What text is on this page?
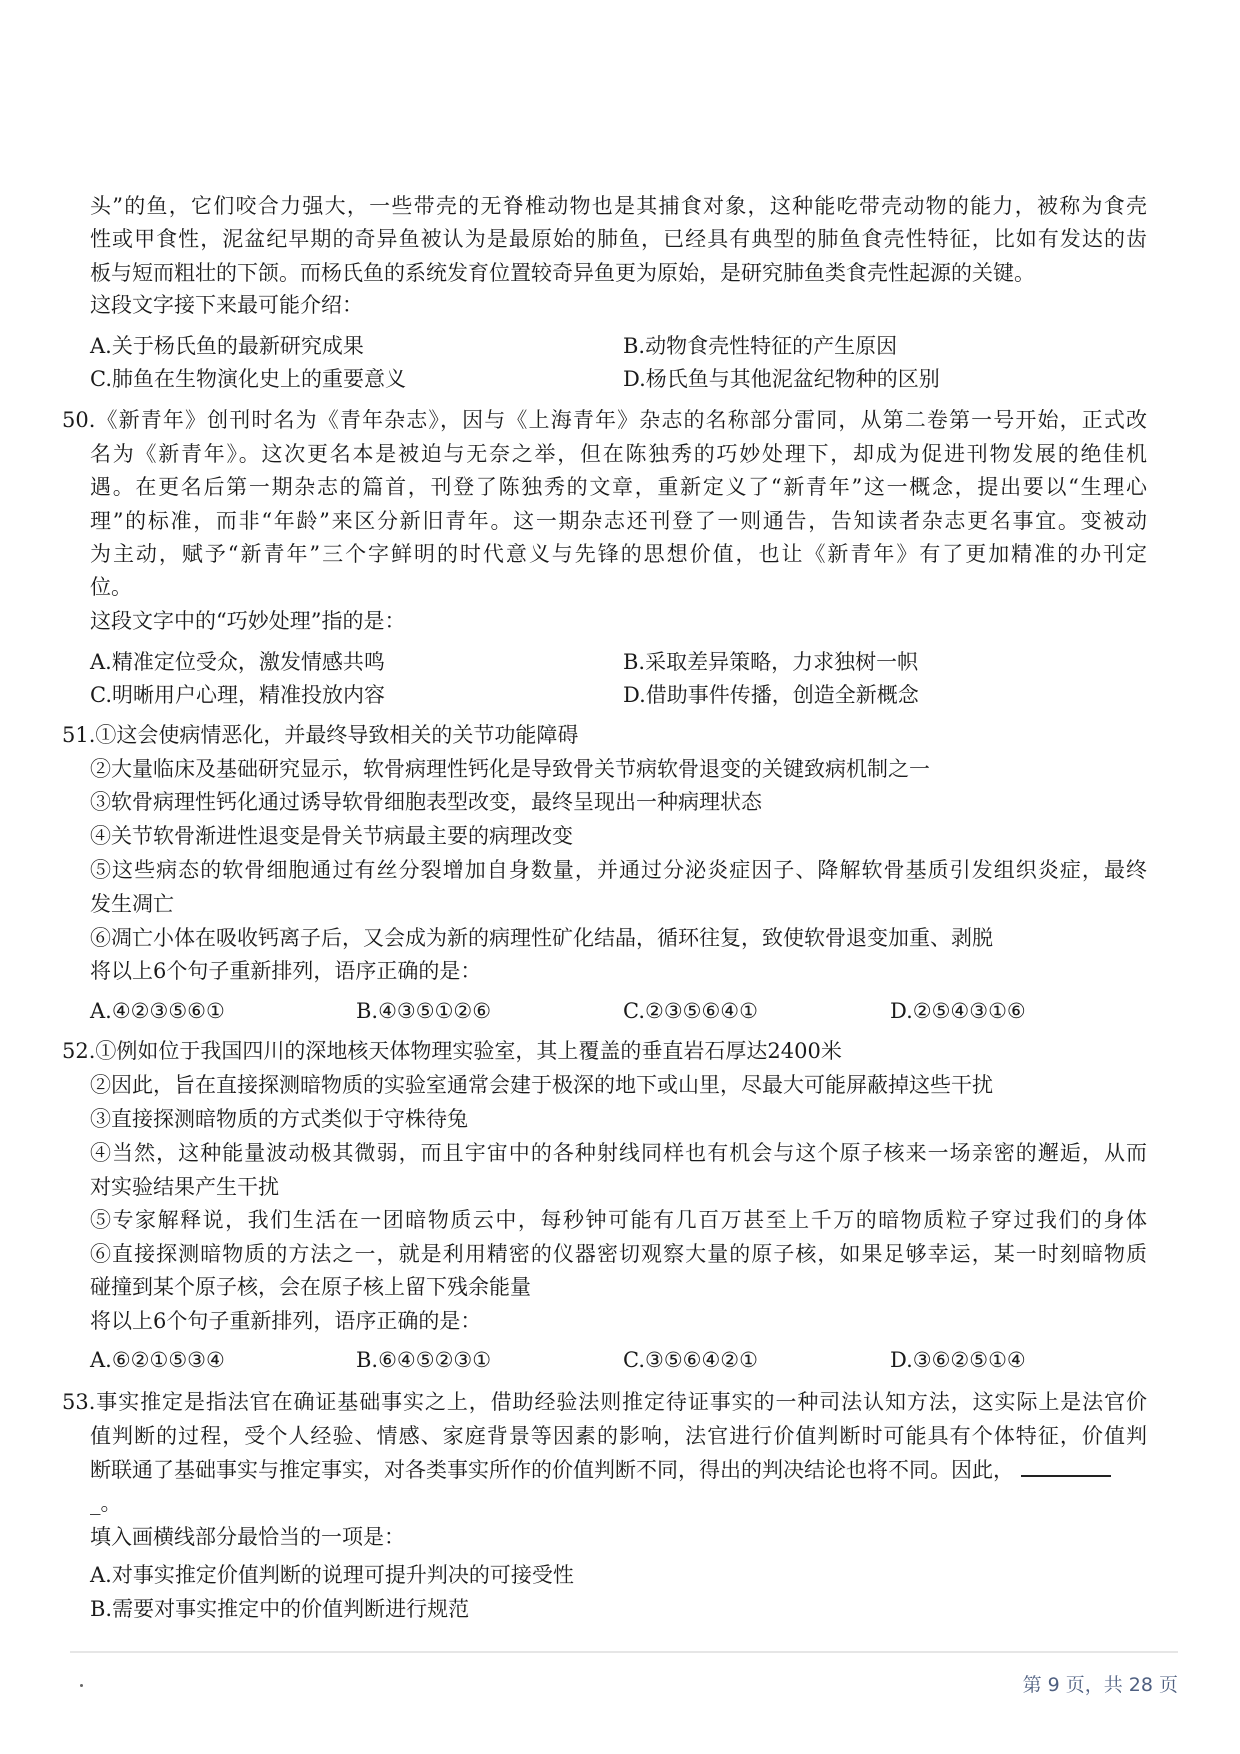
头”的鱼，它们咬合力强大，一些带壳的无脊椎动物也是其捕食对象，这种能吃带壳动物的能力，被称为食壳
性或甲食性，泥盆纪早期的奇异鱼被认为是最原始的肺鱼，已经具有典型的肺鱼食壳性特征，比如有发达的齿
板与短而粗壮的下颌。而杨氏鱼的系统发育位置较奇异鱼更为原始，是研究肺鱼类食壳性起源的关键。
这段文字接下来最可能介绍：
A.关于杨氏鱼的最新研究成果	B.动物食壳性特征的产生原因
C.肺鱼在生物演化史上的重要意义	D.杨氏鱼与其他泥盆纪物种的区别
50.《新青年》创刊时名为《青年杂志》，因与《上海青年》杂志的名称部分雷同，从第二卷第一号开始，正式改
名为《新青年》。这次更名本是被迫与无奈之举，但在陈独秀的巧妙处理下，却成为促进刊物发展的绝佳机
遇。在更名后第一期杂志的篇首，刊登了陈独秀的文章，重新定义了“新青年”这一概念，提出要以“生理心
理”的标准，而非“年龄”来区分新旧青年。这一期杂志还刊登了一则通告，告知读者杂志更名事宜。变被动
为主动，赋予“新青年”三个字鲜明的时代意义与先锋的思想价值，也让《新青年》有了更加精准的办刊定
位。
这段文字中的“巧妙处理”指的是：
A.精准定位受众，激发情感共鸣	B.采取差异策略，力求独树一帜
C.明晰用户心理，精准投放内容	D.借助事件传播，创造全新概念
51.①这会使病情恶化，并最终导致相关的关节功能障碍
②大量临床及基础研究显示，软骨病理性钙化是导致骨关节病软骨退变的关键致病机制之一
③软骨病理性钙化通过诱导软骨细胞表型改变，最终呈现出一种病理状态
④关节软骨渐进性退变是骨关节病最主要的病理改变
⑤这些病态的软骨细胞通过有丝分裂增加自身数量，并通过分泌炎症因子、降解软骨基质引发组织炎症，最终
发生凋亡
⑥凋亡小体在吸收钙离子后，又会成为新的病理性矿化结晶，循环往复，致使软骨退变加重、剥脱
将以上6个句子重新排列，语序正确的是：
A.④②③⑤⑥①	B.④③⑤①②⑥	C.②③⑤⑥④①	D.②⑤④③①⑥
52.①例如位于我国四川的深地核天体物理实验室，其上覆盖的垂直岩石厚达2400米
②因此，旨在直接探测暗物质的实验室通常会建于极深的地下或山里，尽最大可能屏蔽掉这些干扰
③直接探测暗物质的方式类似于守株待兔
④当然，这种能量波动极其微弱，而且宇宙中的各种射线同样也有机会与这个原子核来一场亲密的邂逅，从而
对实验结果产生干扰
⑤专家解释说，我们生活在一团暗物质云中，每秒钟可能有几百万甚至上千万的暗物质粒子穿过我们的身体
⑥直接探测暗物质的方法之一，就是利用精密的仪器密切观察大量的原子核，如果足够幸运，某一时刻暗物质
碰撞到某个原子核，会在原子核上留下残余能量
将以上6个句子重新排列，语序正确的是：
A.⑥②①⑤③④	B.⑥④⑤②③①	C.③⑤⑥④②①	D.③⑥②⑤①④
53.事实推定是指法官在确证基础事实之上，借助经验法则推定待证事实的一种司法认知方法，这实际上是法官价
值判断的过程，受个人经验、情感、家庭背景等因素的影响，法官进行价值判断时可能具有个体特征，价值判
断联通了基础事实与推定事实，对各类事实所作的价值判断不同，得出的判决结论也将不同。因此，
_。
填入画横线部分最恰当的一项是：
A.对事实推定价值判断的说理可提升判决的可接受性
B.需要对事实推定中的价值判断进行规范
第 9 页，共 28 页
